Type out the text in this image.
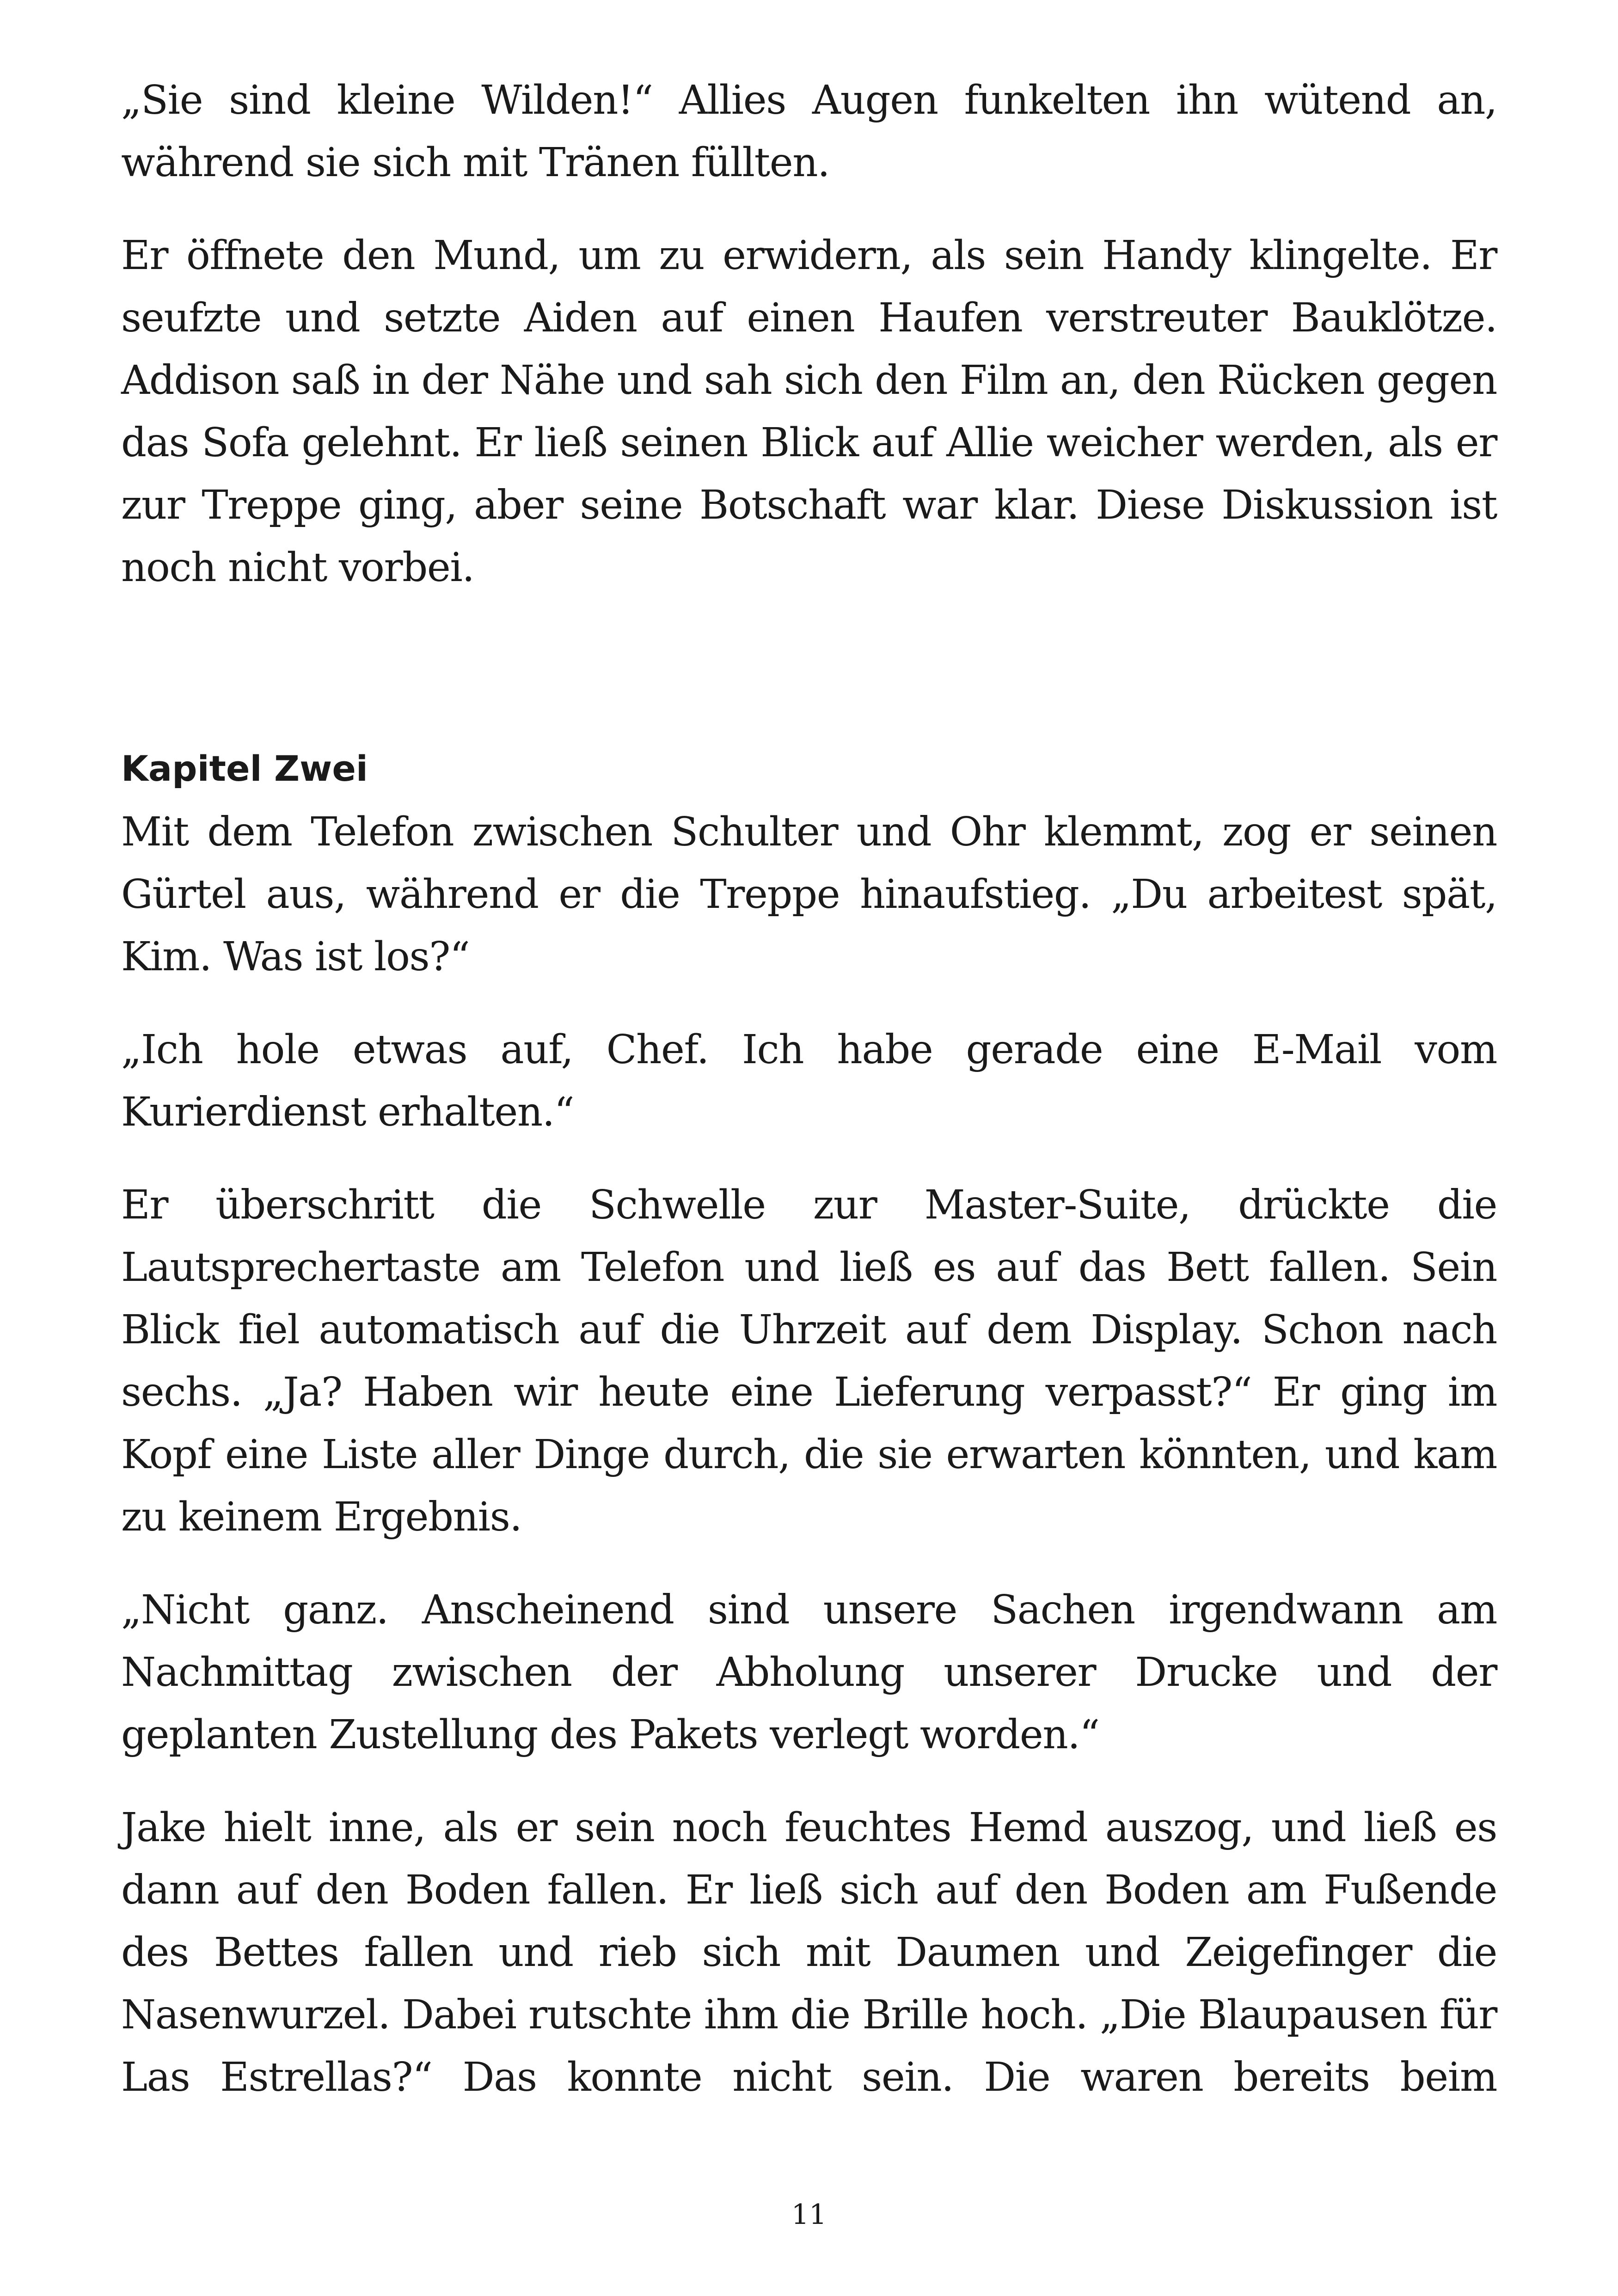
„Sie sind kleine Wilden!“ Allies Augen funkelten ihn wütend an, während sie sich mit Tränen füllten.

Er öffnete den Mund, um zu erwidern, als sein Handy klingelte. Er seufzte und setzte Aiden auf einen Haufen verstreuter Bauklötze. Addison saß in der Nähe und sah sich den Film an, den Rücken gegen das Sofa gelehnt. Er ließ seinen Blick auf Allie weicher werden, als er zur Treppe ging, aber seine Botschaft war klar. Diese Diskussion ist noch nicht vorbei.

Kapitel Zwei

Mit dem Telefon zwischen Schulter und Ohr klemmt, zog er seinen Gürtel aus, während er die Treppe hinaufstieg. „Du arbeitest spät, Kim. Was ist los?“

„Ich hole etwas auf, Chef. Ich habe gerade eine E-Mail vom Kurierdienst erhalten.“

Er überschritt die Schwelle zur Master-Suite, drückte die Lautsprechertaste am Telefon und ließ es auf das Bett fallen. Sein Blick fiel automatisch auf die Uhrzeit auf dem Display. Schon nach sechs. „Ja? Haben wir heute eine Lieferung verpasst?“ Er ging im Kopf eine Liste aller Dinge durch, die sie erwarten könnten, und kam zu keinem Ergebnis.

„Nicht ganz. Anscheinend sind unsere Sachen irgendwann am Nachmittag zwischen der Abholung unserer Drucke und der geplanten Zustellung des Pakets verlegt worden.“

Jake hielt inne, als er sein noch feuchtes Hemd auszog, und ließ es dann auf den Boden fallen. Er ließ sich auf den Boden am Fußende des Bettes fallen und rieb sich mit Daumen und Zeigefinger die Nasenwurzel. Dabei rutschte ihm die Brille hoch. „Die Blaupausen für Las Estrellas?“ Das konnte nicht sein. Die waren bereits beim

11
